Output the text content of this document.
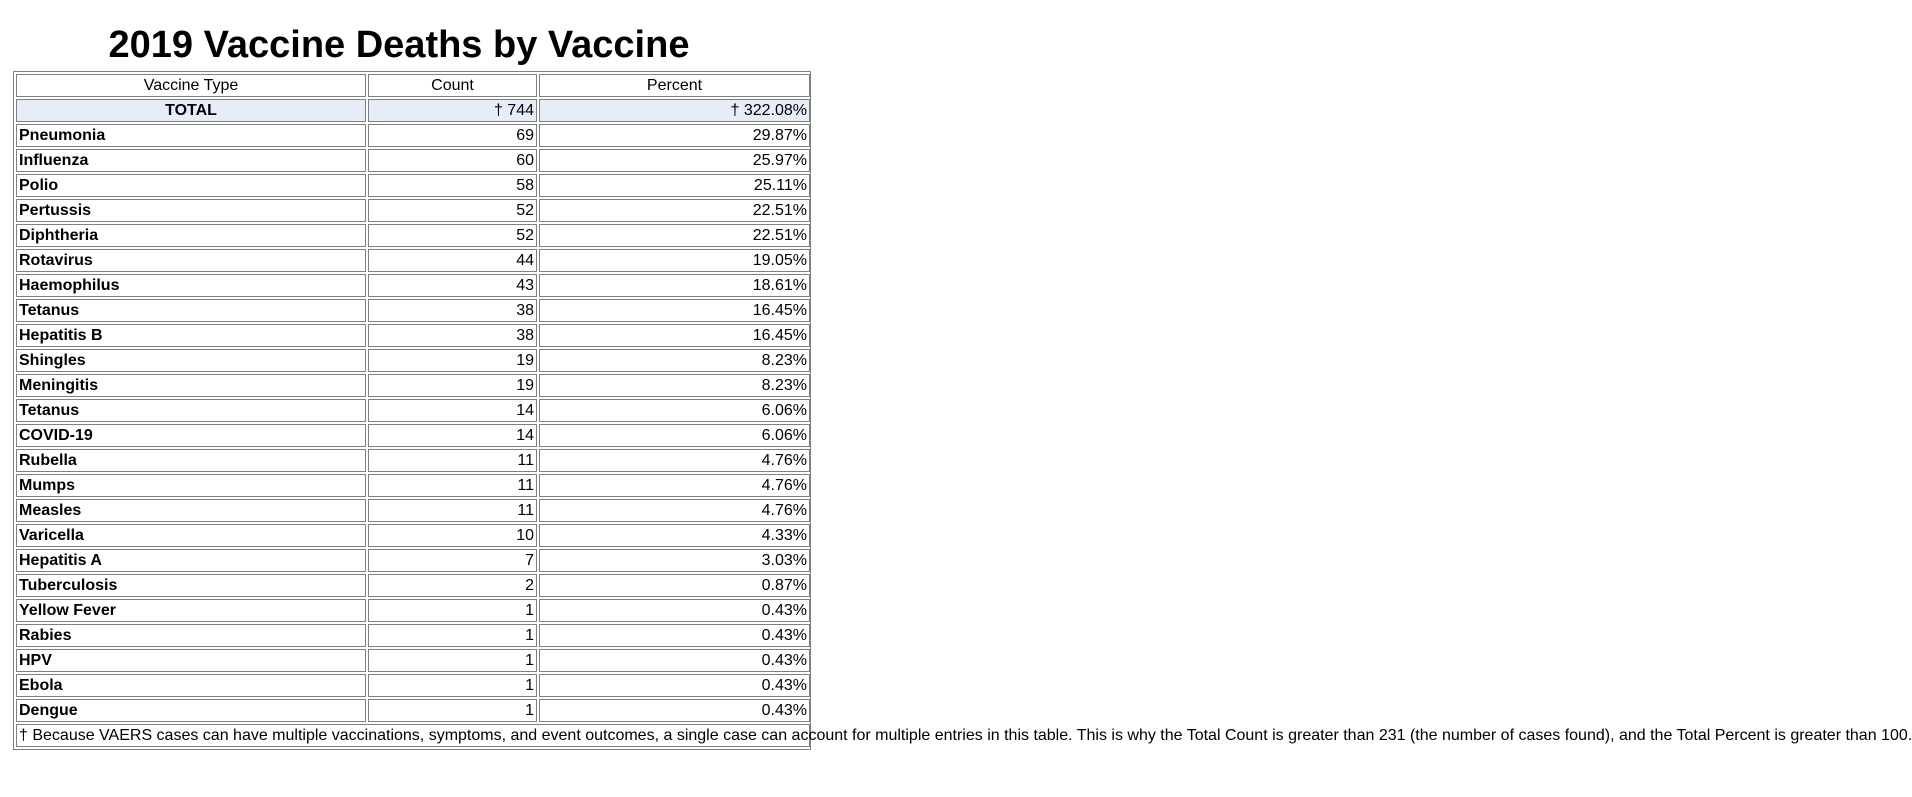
2019 Vaccine Deaths by Vaccine
Vaccine Type	Count	Percent
TOTAL	† 744	† 322.08%
Pneumonia	69	29.87%
Influenza	60	25.97%
Polio	58	25.11%
Pertussis	52	22.51%
Diphtheria	52	22.51%
Rotavirus	44	19.05%
Haemophilus	43	18.61%
Tetanus	38	16.45%
Hepatitis B	38	16.45%
Shingles	19	8.23%
Meningitis	19	8.23%
Tetanus	14	6.06%
COVID-19	14	6.06%
Rubella	11	4.76%
Mumps	11	4.76%
Measles	11	4.76%
Varicella	10	4.33%
Hepatitis A	7	3.03%
Tuberculosis	2	0.87%
Yellow Fever	1	0.43%
Rabies	1	0.43%
HPV	1	0.43%
Ebola	1	0.43%
Dengue	1	0.43%
† Because VAERS cases can have multiple vaccinations, symptoms, and event outcomes, a single case can account for multiple entries in this table. This is why the Total Count is greater than 231 (the number of cases found), and the Total Percent is greater than 100.		
